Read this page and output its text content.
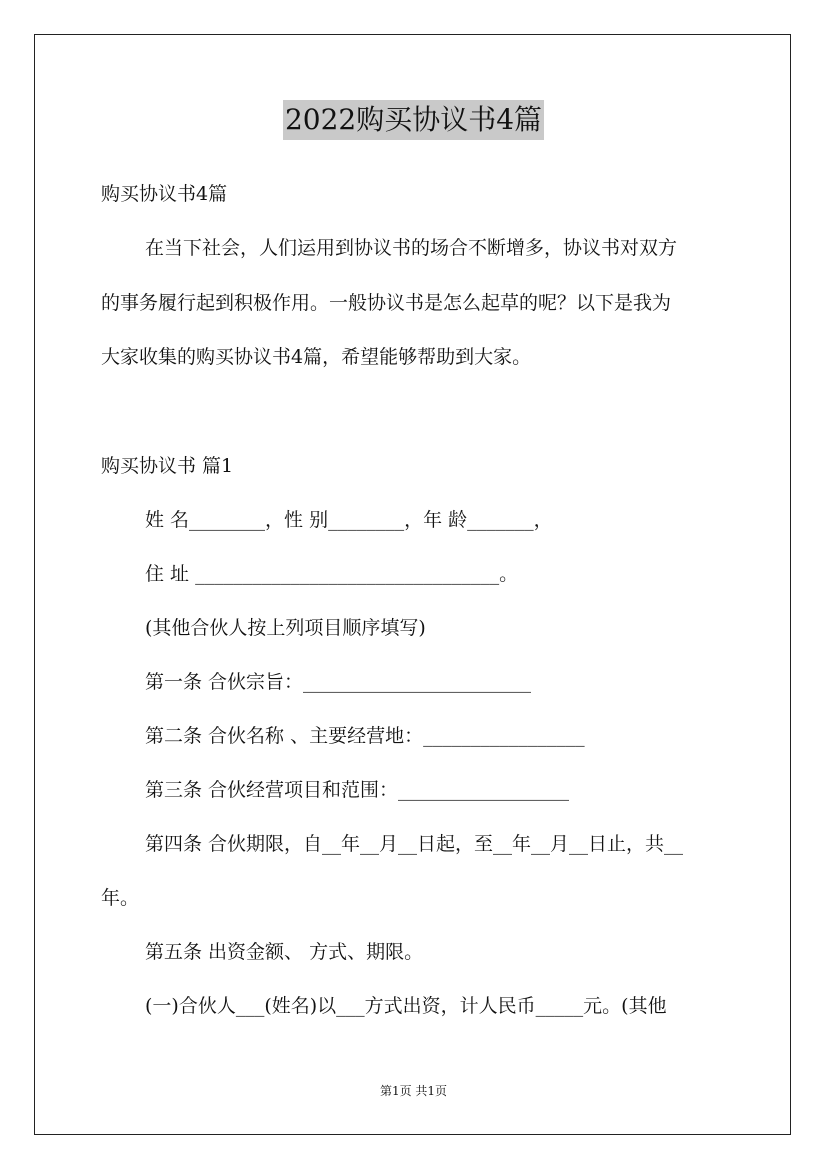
2022购买协议书4篇
购买协议书4篇
在当下社会，人们运用到协议书的场合不断增多，协议书对双方
的事务履行起到积极作用。一般协议书是怎么起草的呢？以下是我为
大家收集的购买协议书4篇，希望能够帮助到大家。
购买协议书 篇1
姓 名________，性 别________，年 龄_______，
住 址 ________________________________。
(其他合伙人按上列项目顺序填写)
第一条 合伙宗旨：________________________
第二条 合伙名称 、主要经营地：_________________
第三条 合伙经营项目和范围：__________________
第四条 合伙期限，自__年__月__日起，至__年__月__日止，共__
年。
第五条 出资金额、 方式、期限。
(一)合伙人___(姓名)以___方式出资，计人民币_____元。(其他
第1页 共1页
